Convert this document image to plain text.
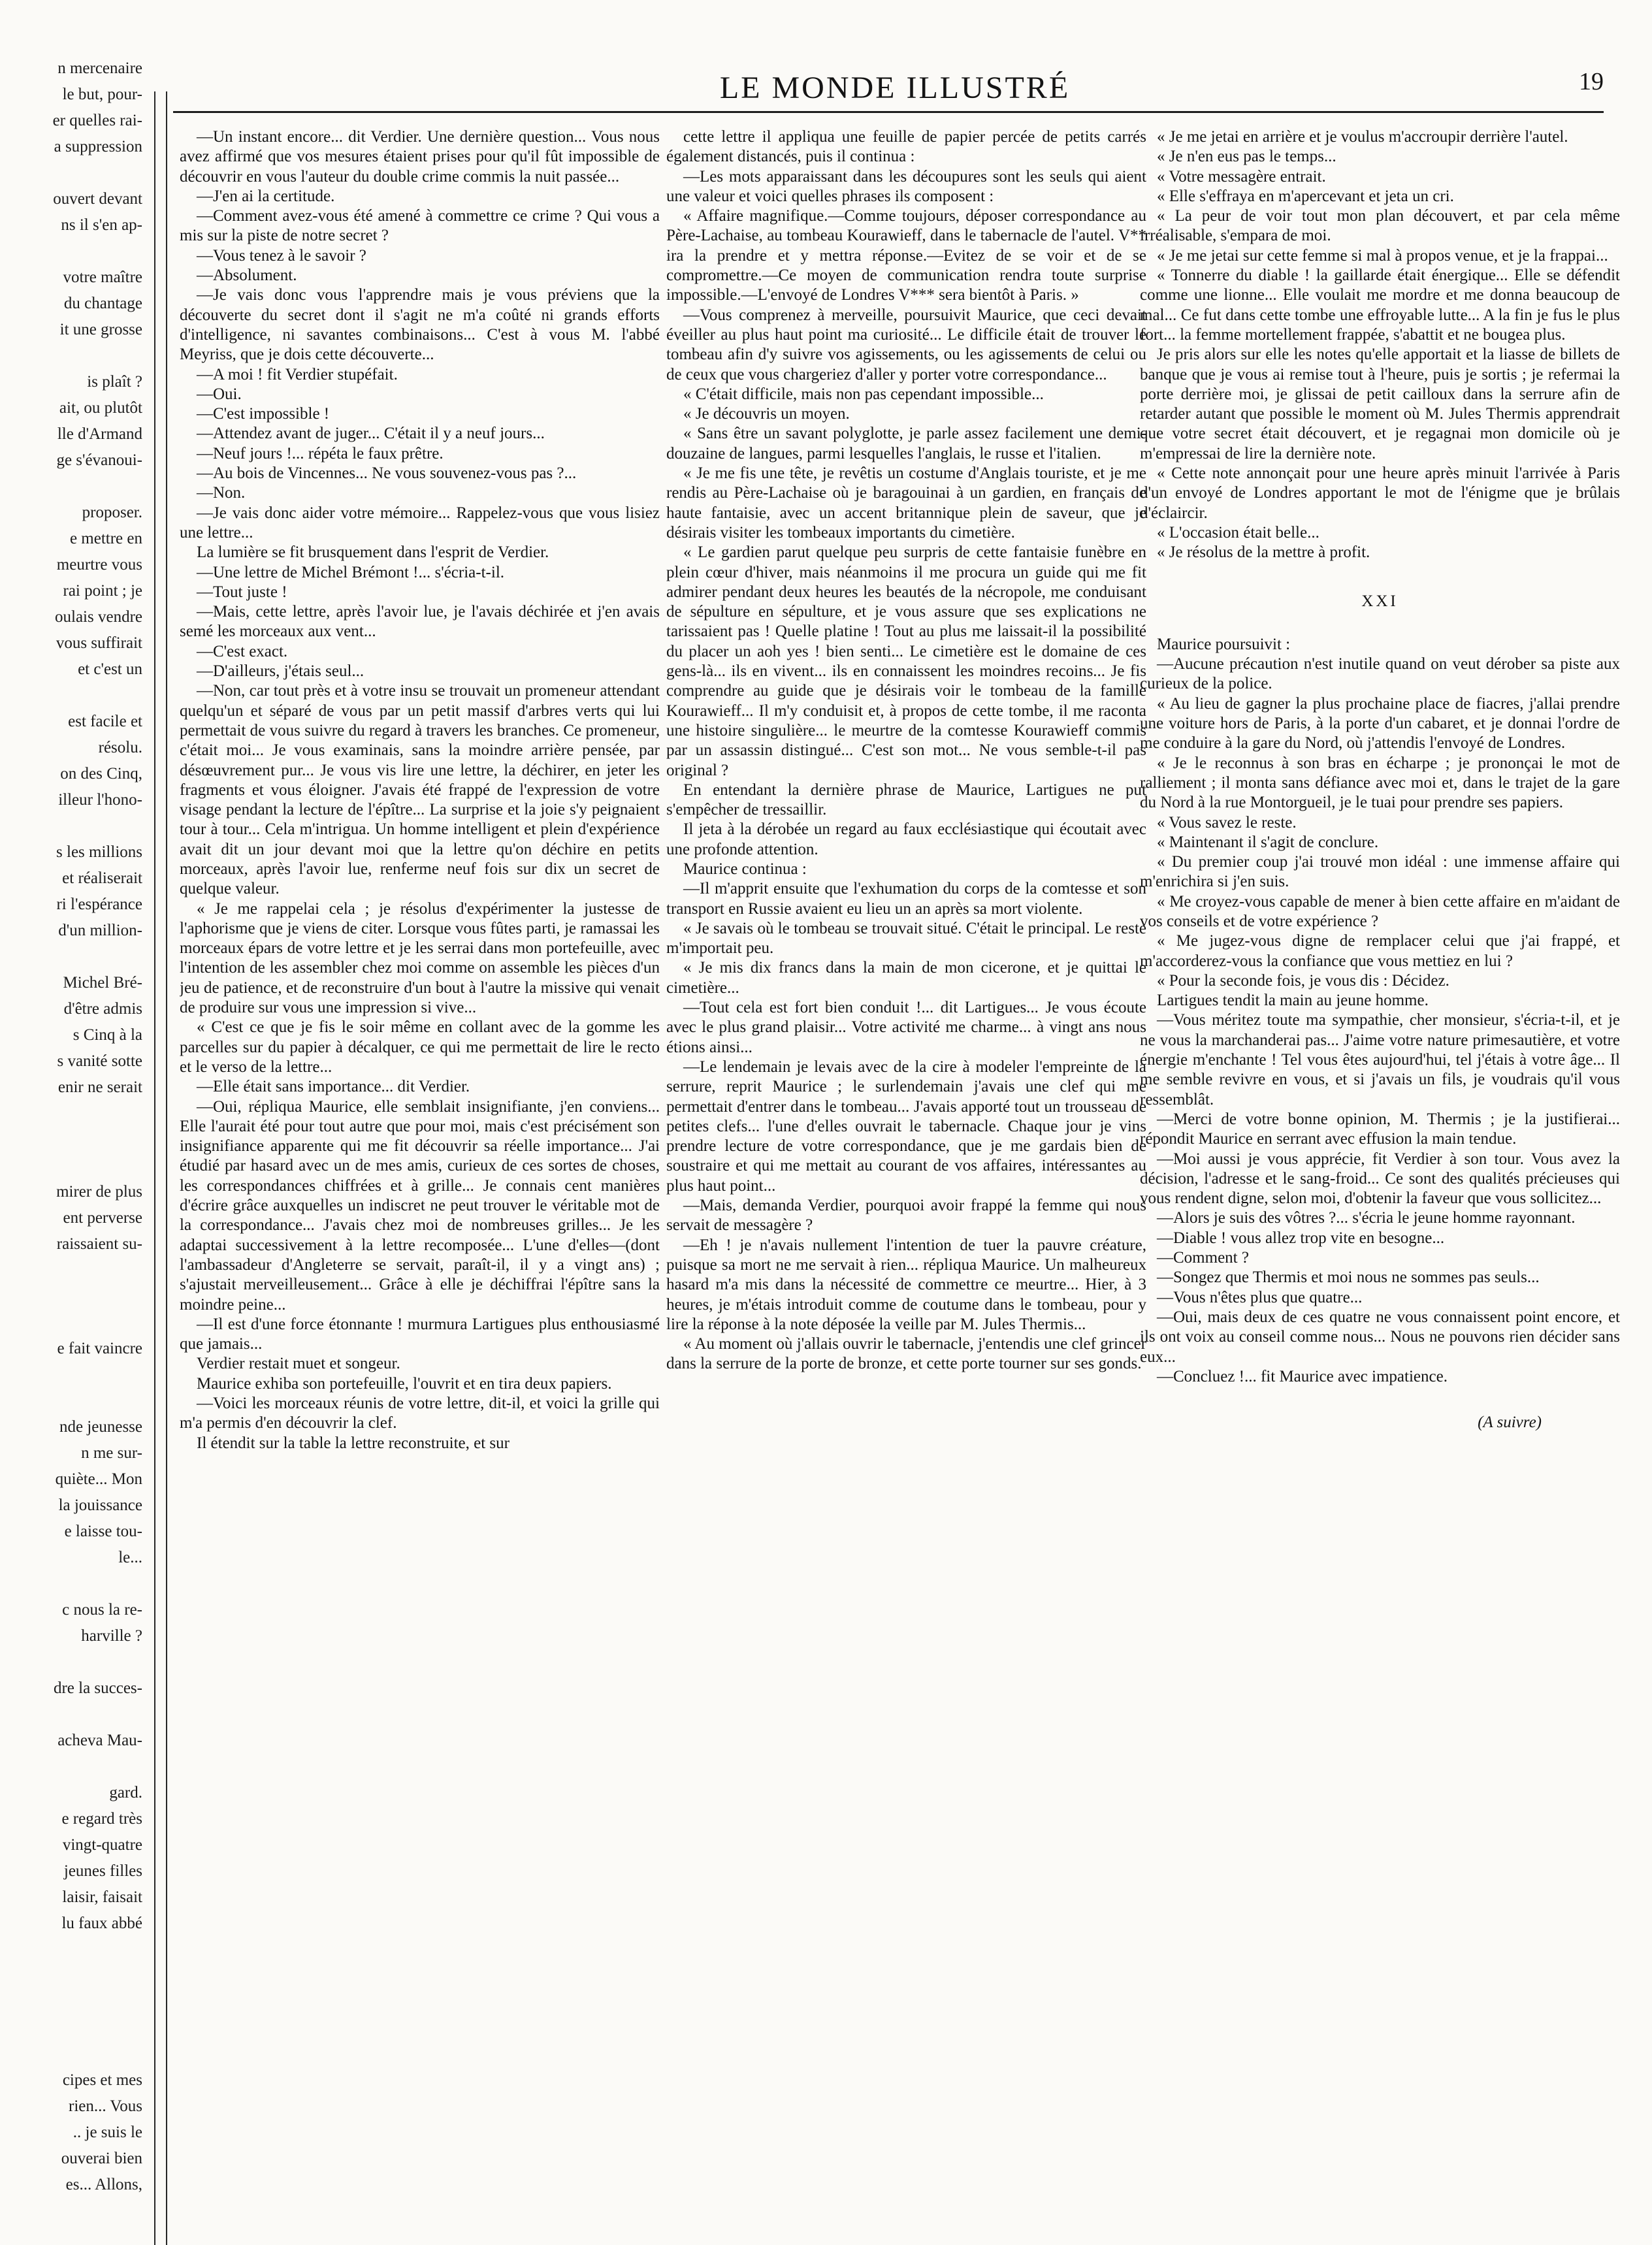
n mercenaire
le but, pour-
er quelles rai-
a suppression
ouvert devant
ns il s'en ap-
votre maître
du chantage
it une grosse
is plaît ?
ait, ou plutôt
lle d'Armand
ge s'évanoui-
proposer.
e mettre en
meurtre vous
rai point ; je
oulais vendre
vous suffirait
et c'est un
est facile et
résolu.
on des Cinq,
illeur l'hono-
s les millions
et réaliserait
ri l'espérance
d'un million-
Michel Bré-
d'être admis
s Cinq à la
s vanité sotte
enir ne serait
mirer de plus
ent perverse
raissaient su-
e fait vaincre
nde jeunesse
n me sur-
quiète... Mon
la jouissance
e laisse tou-
le...
c nous la re-
harville ?
dre la succes-
acheva Mau-
gard.
e regard très
vingt-quatre
jeunes filles
laisir, faisait
lu faux abbé
cipes et mes
rien... Vous
.. je suis le
ouverai bien
es... Allons,
LE MONDE ILLUSTRÉ	19

—Un instant encore... dit Verdier. Une dernière question... Vous nous avez affirmé que vos mesures étaient prises pour qu'il fût impossible de découvrir en vous l'auteur du double crime commis la nuit passée...

—J'en ai la certitude.

—Comment avez-vous été amené à commettre ce crime ? Qui vous a mis sur la piste de notre secret ?

—Vous tenez à le savoir ?

—Absolument.

—Je vais donc vous l'apprendre mais je vous préviens que la découverte du secret dont il s'agit ne m'a coûté ni grands efforts d'intelligence, ni savantes combinaisons... C'est à vous M. l'abbé Meyriss, que je dois cette découverte...

—A moi ! fit Verdier stupéfait.

—Oui.

—C'est impossible !

—Attendez avant de juger... C'était il y a neuf jours...

—Neuf jours !... répéta le faux prêtre.

—Au bois de Vincennes... Ne vous souvenez-vous pas ?...

—Non.

—Je vais donc aider votre mémoire... Rappelez-vous que vous lisiez une lettre...

La lumière se fit brusquement dans l'esprit de Verdier.

—Une lettre de Michel Brémont !... s'écria-t-il.

—Tout juste !

—Mais, cette lettre, après l'avoir lue, je l'avais déchirée et j'en avais semé les morceaux aux vent...

—C'est exact.

—D'ailleurs, j'étais seul...

—Non, car tout près et à votre insu se trouvait un promeneur attendant quelqu'un et séparé de vous par un petit massif d'arbres verts qui lui permettait de vous suivre du regard à travers les branches. Ce promeneur, c'était moi... Je vous examinais, sans la moindre arrière pensée, par désœuvrement pur... Je vous vis lire une lettre, la déchirer, en jeter les fragments et vous éloigner. J'avais été frappé de l'expression de votre visage pendant la lecture de l'épître... La surprise et la joie s'y peignaient tour à tour... Cela m'intrigua. Un homme intelligent et plein d'expérience avait dit un jour devant moi que la lettre qu'on déchire en petits morceaux, après l'avoir lue, renferme neuf fois sur dix un secret de quelque valeur.

« Je me rappelai cela ; je résolus d'expérimenter la justesse de l'aphorisme que je viens de citer. Lorsque vous fûtes parti, je ramassai les morceaux épars de votre lettre et je les serrai dans mon portefeuille, avec l'intention de les assembler chez moi comme on assemble les pièces d'un jeu de patience, et de reconstruire d'un bout à l'autre la missive qui venait de produire sur vous une impression si vive...

« C'est ce que je fis le soir même en collant avec de la gomme les parcelles sur du papier à décalquer, ce qui me permettait de lire le recto et le verso de la lettre...

—Elle était sans importance... dit Verdier.

—Oui, répliqua Maurice, elle semblait insignifiante, j'en conviens... Elle l'aurait été pour tout autre que pour moi, mais c'est précisément son insignifiance apparente qui me fit découvrir sa réelle importance... J'ai étudié par hasard avec un de mes amis, curieux de ces sortes de choses, les correspondances chiffrées et à grille... Je connais cent manières d'écrire grâce auxquelles un indiscret ne peut trouver le véritable mot de la correspondance... J'avais chez moi de nombreuses grilles... Je les adaptai successivement à la lettre recomposée... L'une d'elles—(dont l'ambassadeur d'Angleterre se servait, paraît-il, il y a vingt ans) ; s'ajustait merveilleusement... Grâce à elle je déchiffrai l'épître sans la moindre peine...

—Il est d'une force étonnante ! murmura Lartigues plus enthousiasmé que jamais...

Verdier restait muet et songeur.

Maurice exhiba son portefeuille, l'ouvrit et en tira deux papiers.

—Voici les morceaux réunis de votre lettre, dit-il, et voici la grille qui m'a permis d'en découvrir la clef.

Il étendit sur la table la lettre reconstruite, et sur

cette lettre il appliqua une feuille de papier percée de petits carrés également distancés, puis il continua :

—Les mots apparaissant dans les découpures sont les seuls qui aient une valeur et voici quelles phrases ils composent :

« Affaire magnifique.—Comme toujours, déposer correspondance au Père-Lachaise, au tombeau Kourawieff, dans le tabernacle de l'autel. V** ira la prendre et y mettra réponse.—Evitez de se voir et de se compromettre.—Ce moyen de communication rendra toute surprise impossible.—L'envoyé de Londres V*** sera bientôt à Paris. »

—Vous comprenez à merveille, poursuivit Maurice, que ceci devait éveiller au plus haut point ma curiosité... Le difficile était de trouver le tombeau afin d'y suivre vos agissements, ou les agissements de celui ou de ceux que vous chargeriez d'aller y porter votre correspondance...

« C'était difficile, mais non pas cependant impossible...

« Je découvris un moyen.

« Sans être un savant polyglotte, je parle assez facilement une demi-douzaine de langues, parmi lesquelles l'anglais, le russe et l'italien.

« Je me fis une tête, je revêtis un costume d'Anglais touriste, et je me rendis au Père-Lachaise où je baragouinai à un gardien, en français de haute fantaisie, avec un accent britannique plein de saveur, que je désirais visiter les tombeaux importants du cimetière.

« Le gardien parut quelque peu surpris de cette fantaisie funèbre en plein cœur d'hiver, mais néanmoins il me procura un guide qui me fit admirer pendant deux heures les beautés de la nécropole, me conduisant de sépulture en sépulture, et je vous assure que ses explications ne tarissaient pas ! Quelle platine ! Tout au plus me laissait-il la possibilité du placer un aoh yes ! bien senti... Le cimetière est le domaine de ces gens-là... ils en vivent... ils en connaissent les moindres recoins... Je fis comprendre au guide que je désirais voir le tombeau de la famille Kourawieff... Il m'y conduisit et, à propos de cette tombe, il me raconta une histoire singulière... le meurtre de la comtesse Kourawieff commis par un assassin distingué... C'est son mot... Ne vous semble-t-il pas original ?

En entendant la dernière phrase de Maurice, Lartigues ne put s'empêcher de tressaillir.

Il jeta à la dérobée un regard au faux ecclésiastique qui écoutait avec une profonde attention.

Maurice continua :

—Il m'apprit ensuite que l'exhumation du corps de la comtesse et son transport en Russie avaient eu lieu un an après sa mort violente.

« Je savais où le tombeau se trouvait situé. C'était le principal. Le reste m'importait peu.

« Je mis dix francs dans la main de mon cicerone, et je quittai le cimetière...

—Tout cela est fort bien conduit !... dit Lartigues... Je vous écoute avec le plus grand plaisir... Votre activité me charme... à vingt ans nous étions ainsi...

—Le lendemain je levais avec de la cire à modeler l'empreinte de la serrure, reprit Maurice ; le surlendemain j'avais une clef qui me permettait d'entrer dans le tombeau... J'avais apporté tout un trousseau de petites clefs... l'une d'elles ouvrait le tabernacle. Chaque jour je vins prendre lecture de votre correspondance, que je me gardais bien de soustraire et qui me mettait au courant de vos affaires, intéressantes au plus haut point...

—Mais, demanda Verdier, pourquoi avoir frappé la femme qui nous servait de messagère ?

—Eh ! je n'avais nullement l'intention de tuer la pauvre créature, puisque sa mort ne me servait à rien... répliqua Maurice. Un malheureux hasard m'a mis dans la nécessité de commettre ce meurtre... Hier, à 3 heures, je m'étais introduit comme de coutume dans le tombeau, pour y lire la réponse à la note déposée la veille par M. Jules Thermis...

« Au moment où j'allais ouvrir le tabernacle, j'entendis une clef grincer dans la serrure de la porte de bronze, et cette porte tourner sur ses gonds.

« Je me jetai en arrière et je voulus m'accroupir derrière l'autel.

« Je n'en eus pas le temps...

« Votre messagère entrait.

« Elle s'effraya en m'apercevant et jeta un cri.

« La peur de voir tout mon plan découvert, et par cela même irréalisable, s'empara de moi.

« Je me jetai sur cette femme si mal à propos venue, et je la frappai...

« Tonnerre du diable ! la gaillarde était énergique... Elle se défendit comme une lionne... Elle voulait me mordre et me donna beaucoup de mal... Ce fut dans cette tombe une effroyable lutte... A la fin je fus le plus fort... la femme mortellement frappée, s'abattit et ne bougea plus.

Je pris alors sur elle les notes qu'elle apportait et la liasse de billets de banque que je vous ai remise tout à l'heure, puis je sortis ; je refermai la porte derrière moi, je glissai de petit cailloux dans la serrure afin de retarder autant que possible le moment où M. Jules Thermis apprendrait que votre secret était découvert, et je regagnai mon domicile où je m'empressai de lire la dernière note.

« Cette note annonçait pour une heure après minuit l'arrivée à Paris d'un envoyé de Londres apportant le mot de l'énigme que je brûlais d'éclaircir.

« L'occasion était belle...

« Je résolus de la mettre à profit.

XXI

Maurice poursuivit :

—Aucune précaution n'est inutile quand on veut dérober sa piste aux curieux de la police.

« Au lieu de gagner la plus prochaine place de fiacres, j'allai prendre une voiture hors de Paris, à la porte d'un cabaret, et je donnai l'ordre de me conduire à la gare du Nord, où j'attendis l'envoyé de Londres.

« Je le reconnus à son bras en écharpe ; je prononçai le mot de ralliement ; il monta sans défiance avec moi et, dans le trajet de la gare du Nord à la rue Montorgueil, je le tuai pour prendre ses papiers.

« Vous savez le reste.

« Maintenant il s'agit de conclure.

« Du premier coup j'ai trouvé mon idéal : une immense affaire qui m'enrichira si j'en suis.

« Me croyez-vous capable de mener à bien cette affaire en m'aidant de vos conseils et de votre expérience ?

« Me jugez-vous digne de remplacer celui que j'ai frappé, et m'accorderez-vous la confiance que vous mettiez en lui ?

« Pour la seconde fois, je vous dis : Décidez.

Lartigues tendit la main au jeune homme.

—Vous méritez toute ma sympathie, cher monsieur, s'écria-t-il, et je ne vous la marchanderai pas... J'aime votre nature primesautière, et votre énergie m'enchante ! Tel vous êtes aujourd'hui, tel j'étais à votre âge... Il me semble revivre en vous, et si j'avais un fils, je voudrais qu'il vous ressemblât.

—Merci de votre bonne opinion, M. Thermis ; je la justifierai... répondit Maurice en serrant avec effusion la main tendue.

—Moi aussi je vous apprécie, fit Verdier à son tour. Vous avez la décision, l'adresse et le sang-froid... Ce sont des qualités précieuses qui vous rendent digne, selon moi, d'obtenir la faveur que vous sollicitez...

—Alors je suis des vôtres ?... s'écria le jeune homme rayonnant.

—Diable ! vous allez trop vite en besogne...

—Comment ?

—Songez que Thermis et moi nous ne sommes pas seuls...

—Vous n'êtes plus que quatre...

—Oui, mais deux de ces quatre ne vous connaissent point encore, et ils ont voix au conseil comme nous... Nous ne pouvons rien décider sans eux...

—Concluez !... fit Maurice avec impatience.

(A suivre)
